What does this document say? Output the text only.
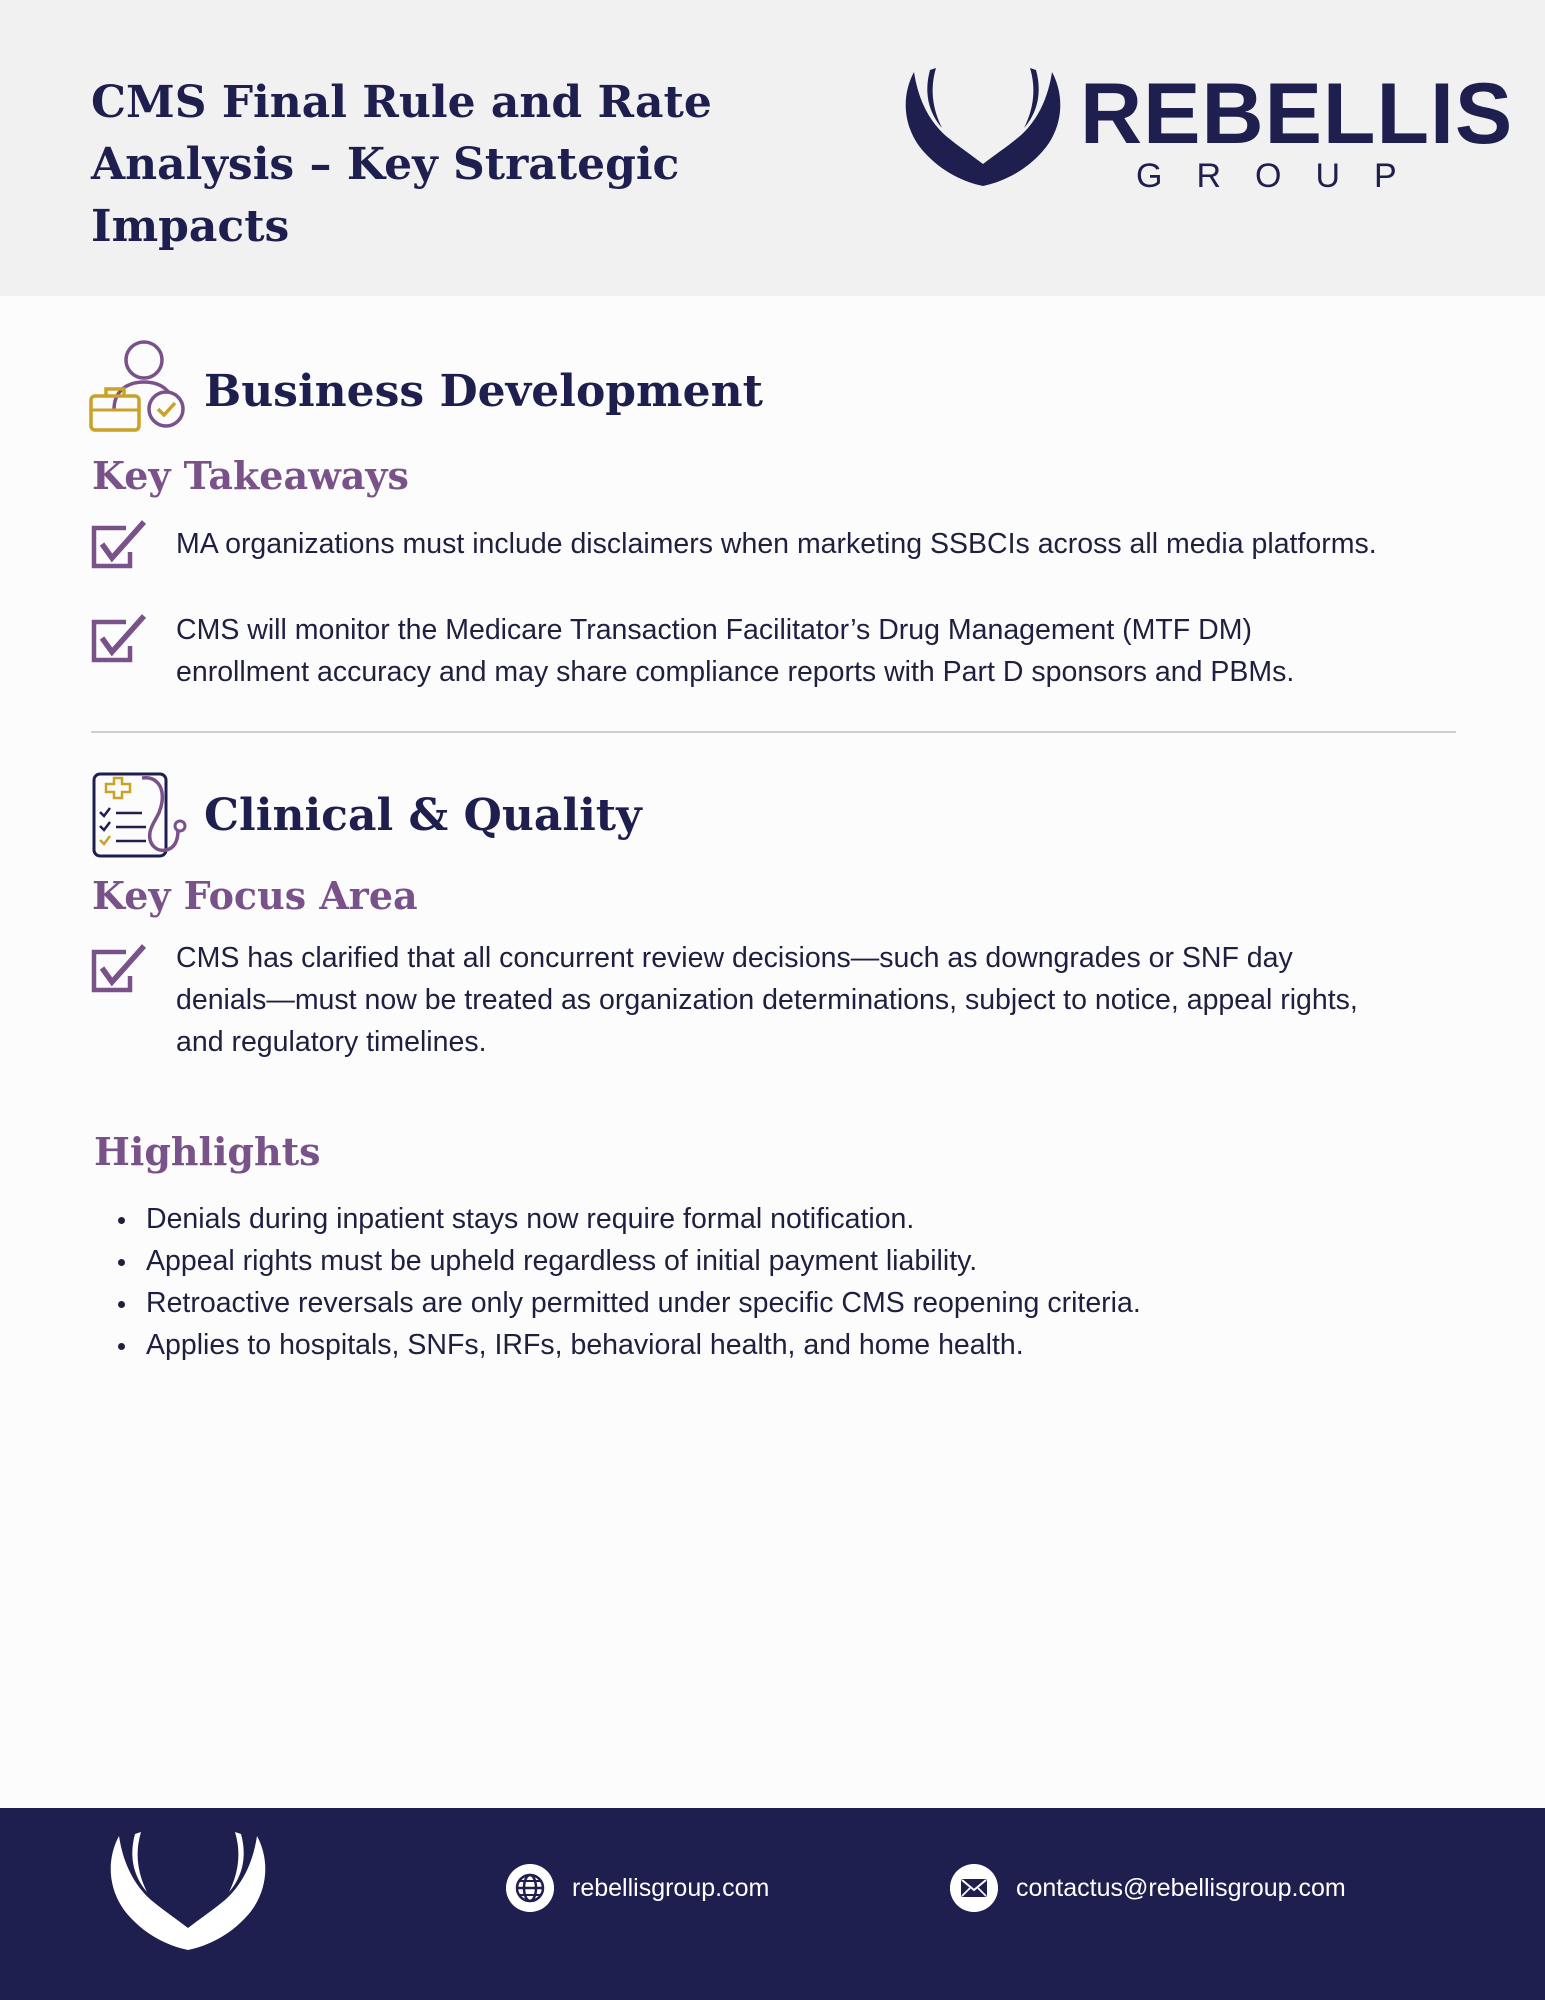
CMS Final Rule and Rate
Analysis – Key Strategic Impacts
REBELLIS
GROUP
Business Development
Key Takeaways
MA organizations must include disclaimers when marketing SSBCIs across all media platforms.
CMS will monitor the Medicare Transaction Facilitator’s Drug Management (MTF DM)
enrollment accuracy and may share compliance reports with Part D sponsors and PBMs.
Clinical & Quality
Key Focus Area
CMS has clarified that all concurrent review decisions—such as downgrades or SNF day
denials—must now be treated as organization determinations, subject to notice, appeal rights,
and regulatory timelines.
Highlights
Denials during inpatient stays now require formal notification.
Appeal rights must be upheld regardless of initial payment liability.
Retroactive reversals are only permitted under specific CMS reopening criteria.
Applies to hospitals, SNFs, IRFs, behavioral health, and home health.
rebellisgroup.com	contactus@rebellisgroup.com
